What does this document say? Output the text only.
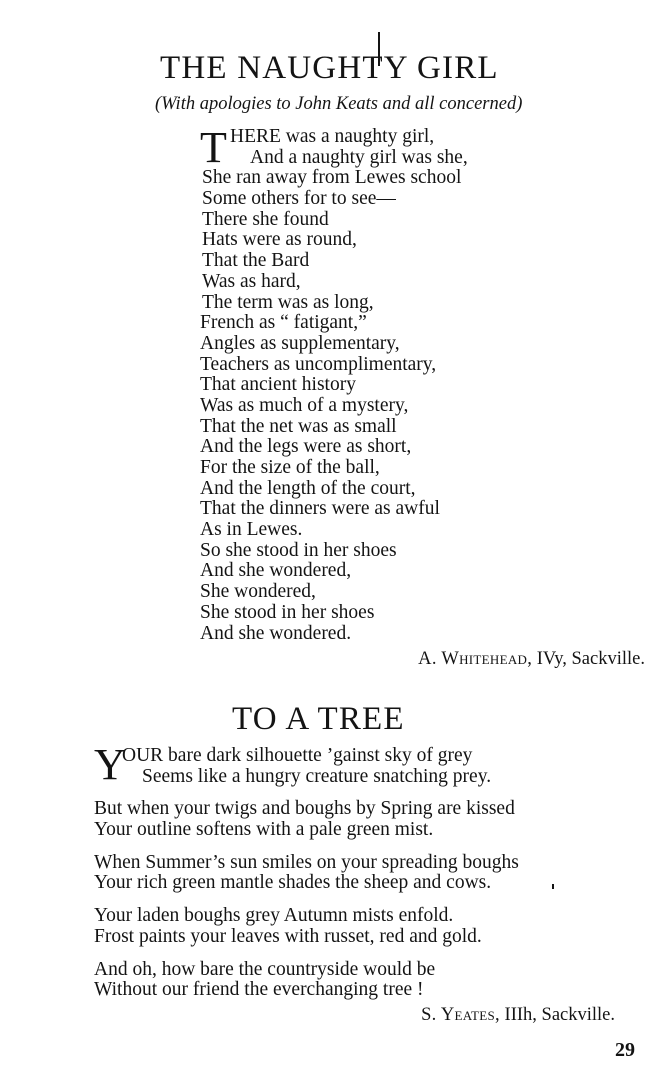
THE NAUGHTY GIRL
(With apologies to John Keats and all concerned)
T HERE was a naughty girl,
And a naughty girl was she,
She ran away from Lewes school
Some others for to see—
There she found
Hats were as round,
That the Bard
Was as hard,
The term was as long,
French as “ fatigant,”
Angles as supplementary,
Teachers as uncomplimentary,
That ancient history
Was as much of a mystery,
That the net was as small
And the legs were as short,
For the size of the ball,
And the length of the court,
That the dinners were as awful
As in Lewes.
So she stood in her shoes
And she wondered,
She wondered,
She stood in her shoes
And she wondered.
A. Whitehead, IVy, Sackville.
TO A TREE
Y
OUR bare dark silhouette ’gainst sky of grey
Seems like a hungry creature snatching prey.
But when your twigs and boughs by Spring are kissed
Your outline softens with a pale green mist.
When Summer’s sun smiles on your spreading boughs
Your rich green mantle shades the sheep and cows.
Your laden boughs grey Autumn mists enfold.
Frost paints your leaves with russet, red and gold.
And oh, how bare the countryside would be
Without our friend the everchanging tree !
S. Yeates, IIIh, Sackville.
29
